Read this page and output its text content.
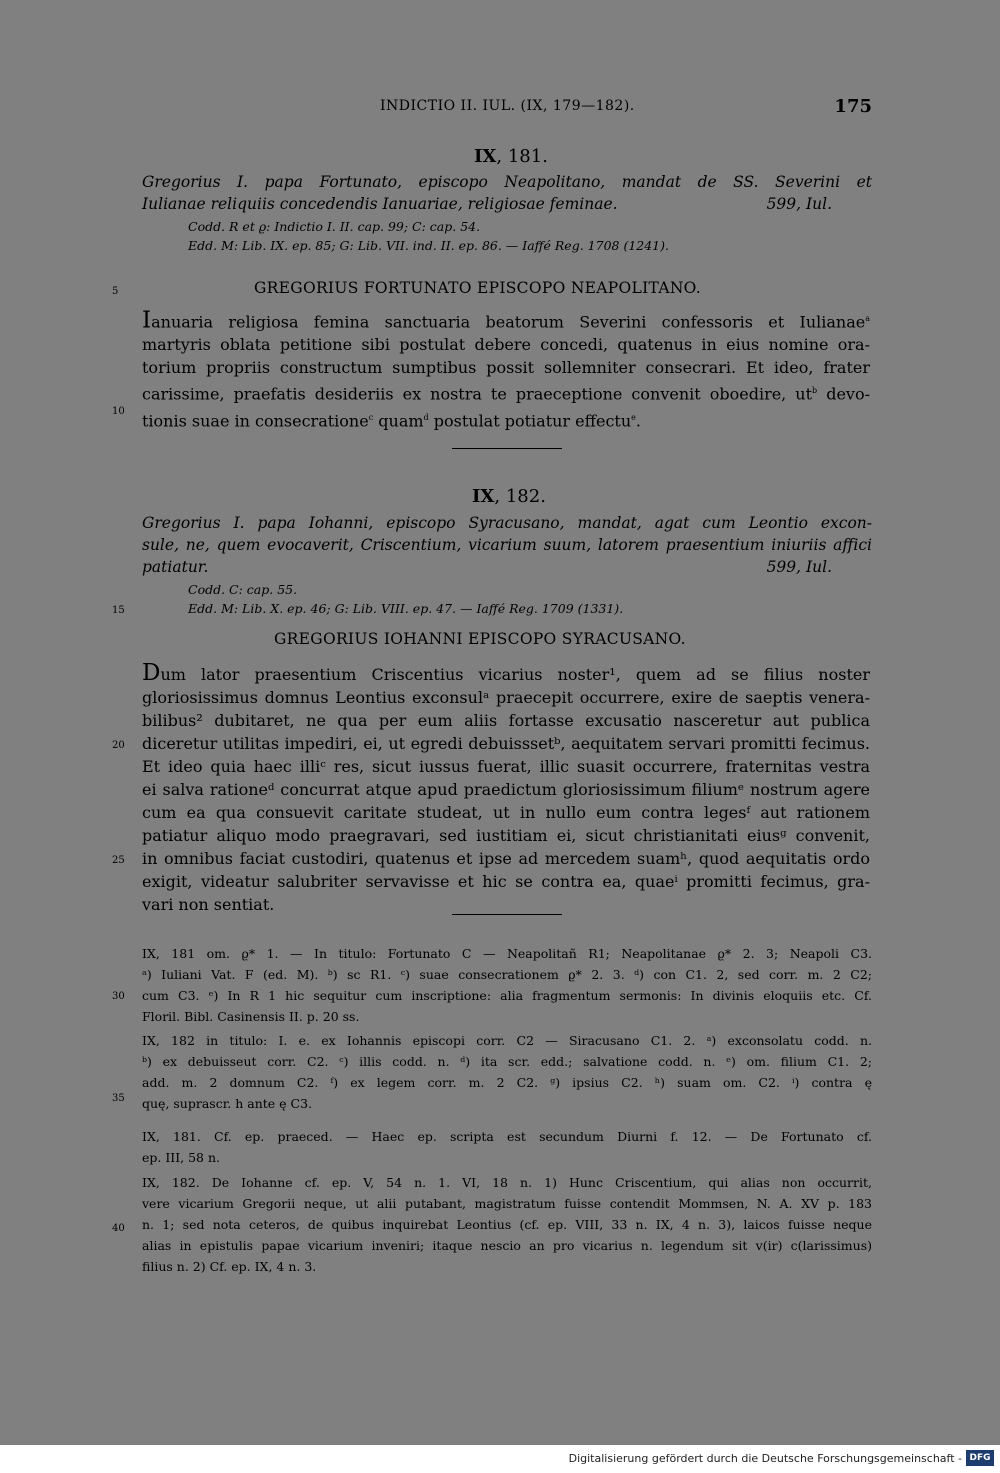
INDICTIO II. IUL. (IX, 179—182).	175
IX, 181.
Gregorius I. papa Fortunato, episcopo Neapolitano, mandat de SS. Severini et
Iulianae reliquiis concedendis Ianuariae, religiosae feminae.	599, Iul.
Codd. R et ϱ: Indictio I. II. cap. 99; C: cap. 54.
Edd. M: Lib. IX. ep. 85; G: Lib. VII. ind. II. ep. 86. — Iaffé Reg. 1708 (1241).
5	GREGORIUS FORTUNATO EPISCOPO NEAPOLITANO.
Ianuaria religiosa femina sanctuaria beatorum Severini confessoris et Iulianae$^a$
martyris oblata petitione sibi postulat debere concedi, quatenus in eius nomine ora-
torium propriis constructum sumptibus possit sollemniter consecrari. Et ideo, frater
carissime, praefatis desideriis ex nostra te praeceptione convenit oboedire, $ut^b$ devo-
tionis suae in consecratione$^c$ quam$^d$ postulat potiatur effectu$^e$.
10
IX, 182.
Gregorius I. papa Iohanni, episcopo Syracusano, mandat, agat cum Leontio excon-
sule, ne, quem evocaverit, Criscentium, vicarium suum, latorem praesentium iniuriis affici
patiatur.	599, Iul.
Codd. C: cap. 55.
Edd. M: Lib. X. ep. 46; G: Lib. VIII. ep. 47. — Iaffé Reg. 1709 (1331).
15
GREGORIUS IOHANNI EPISCOPO SYRACUSANO.
Dum lator praesentium Criscentius vicarius noster¹, quem ad se filius noster
gloriosissimus domnus Leontius exconsulᵃ praecepit occurrere, exire de saeptis venera-
bilibus² dubitaret, ne qua per eum aliis fortasse excusatio nasceretur aut publica
diceretur utilitas impediri, ei, ut egredi debuisssetᵇ, aequitatem servari promitti fecimus.
Et ideo quia haec illiᶜ res, sicut iussus fuerat, illic suasit occurrere, fraternitas vestra
ei salva rationeᵈ concurrat atque apud praedictum gloriosissimum filiumᵉ nostrum agere
cum ea qua consuevit caritate studeat, ut in nullo eum contra legesᶠ aut rationem
patiatur aliquo modo praegravari, sed iustitiam ei, sicut christianitati eiusᵍ convenit,
in omnibus faciat custodiri, quatenus et ipse ad mercedem suamʰ, quod aequitatis ordo
exigit, videatur salubriter servavisse et hic se contra ea, quaeⁱ promitti fecimus, gra-
vari non sentiat.
20
25
IX, 181 om. ϱ* 1. — In titulo: Fortunato C — Neapolitañ R1; Neapolitanae ϱ* 2. 3; Neapoli C3.
ᵃ) Iuliani Vat. F (ed. M). ᵇ) sc R1. ᶜ) suae consecrationem ϱ* 2. 3. ᵈ) con C1. 2, sed corr. m. 2 C2;
cum C3. ᵉ) In R 1 hic sequitur cum inscriptione: alia fragmentum sermonis: In divinis eloquiis etc. Cf.
Floril. Bibl. Casinensis II. p. 20 ss.
30
IX, 182 in titulo: I. e. ex Iohannis episcopi corr. C2 — Siracusano C1. 2. ᵃ) exconsolatu codd. n.
ᵇ) ex debuisseut corr. C2. ᶜ) illis codd. n. ᵈ) ita scr. edd.; salvatione codd. n. ᵉ) om. filium C1. 2;
add. m. 2 domnum C2. ᶠ) ex legem corr. m. 2 C2. ᵍ) ipsius C2. ʰ) suam om. C2. ⁱ) contra ę
quę, suprascr. h ante ę C3.
35
IX, 181. Cf. ep. praeced. — Haec ep. scripta est secundum Diurni f. 12. — De Fortunato cf.
ep. III, 58 n.
IX, 182. De Iohanne cf. ep. V, 54 n. 1. VI, 18 n. 1) Hunc Criscentium, qui alias non occurrit,
vere vicarium Gregorii neque, ut alii putabant, magistratum fuisse contendit Mommsen, N. A. XV p. 183
n. 1; sed nota ceteros, de quibus inquirebat Leontius (cf. ep. VIII, 33 n. IX, 4 n. 3), laicos fuisse neque
alias in epistulis papae vicarium inveniri; itaque nescio an pro vicarius n. legendum sit v(ir) c(larissimus)
filius n. 2) Cf. ep. IX, 4 n. 3.
40
Digitalisierung gefördert durch die Deutsche Forschungsgemeinschaft - DFG
